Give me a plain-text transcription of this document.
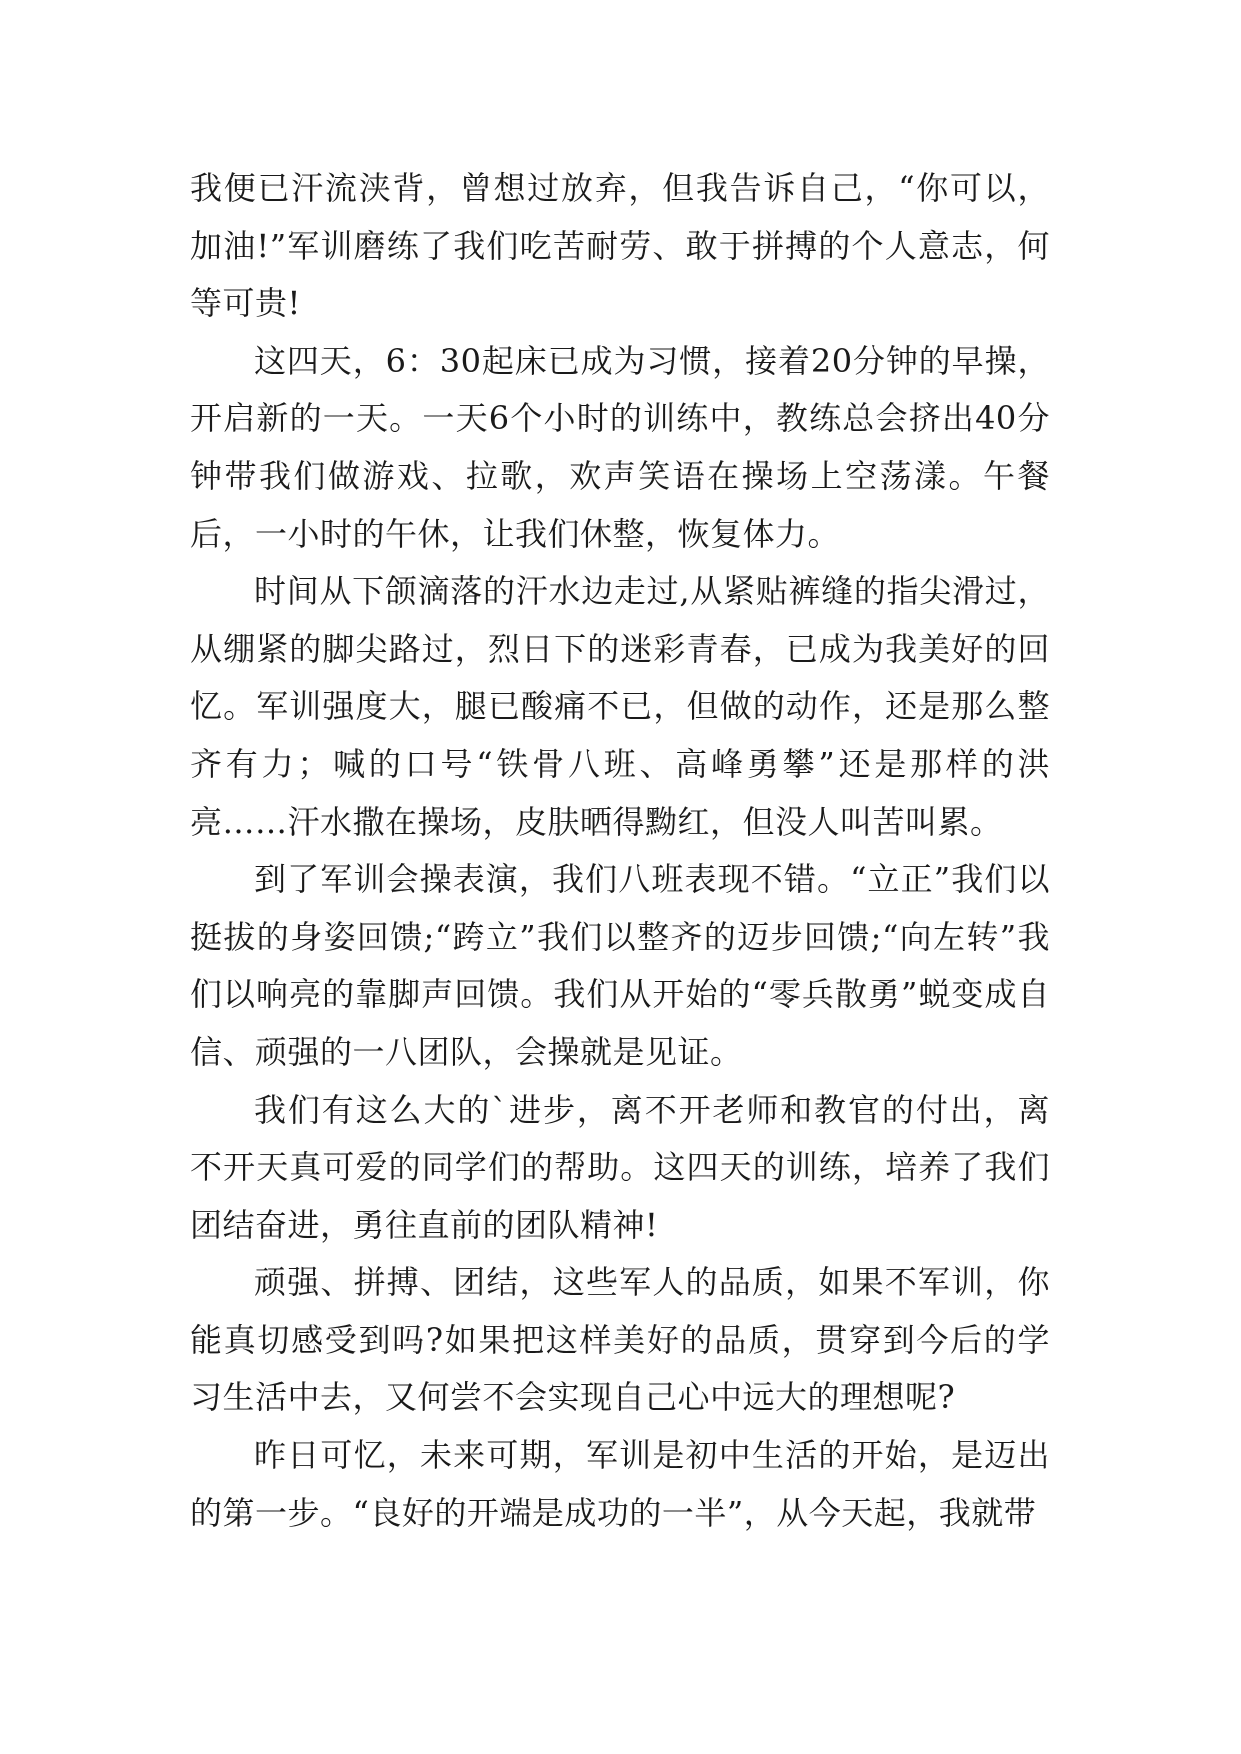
我便已汗流浃背，曾想过放弃，但我告诉自己，“你可以，加油!”军训磨练了我们吃苦耐劳、敢于拼搏的个人意志，何等可贵!

这四天，6：30起床已成为习惯，接着20分钟的早操，开启新的一天。一天6个小时的训练中，教练总会挤出40分钟带我们做游戏、拉歌，欢声笑语在操场上空荡漾。午餐后，一小时的午休，让我们休整，恢复体力。

时间从下颌滴落的汗水边走过,从紧贴裤缝的指尖滑过，从绷紧的脚尖路过，烈日下的迷彩青春，已成为我美好的回忆。军训强度大，腿已酸痛不已，但做的动作，还是那么整齐有力；喊的口号“铁骨八班、高峰勇攀”还是那样的洪亮……汗水撒在操场，皮肤晒得黝红，但没人叫苦叫累。

到了军训会操表演，我们八班表现不错。“立正”我们以挺拔的身姿回馈;“跨立”我们以整齐的迈步回馈;“向左转”我们以响亮的靠脚声回馈。我们从开始的“零兵散勇”蜕变成自信、顽强的一八团队，会操就是见证。

我们有这么大的`进步，离不开老师和教官的付出，离不开天真可爱的同学们的帮助。这四天的训练，培养了我们团结奋进，勇往直前的团队精神!

顽强、拼搏、团结，这些军人的品质，如果不军训，你能真切感受到吗?如果把这样美好的品质，贯穿到今后的学习生活中去，又何尝不会实现自己心中远大的理想呢?

昨日可忆，未来可期，军训是初中生活的开始，是迈出的第一步。“良好的开端是成功的一半”，从今天起，我就带
